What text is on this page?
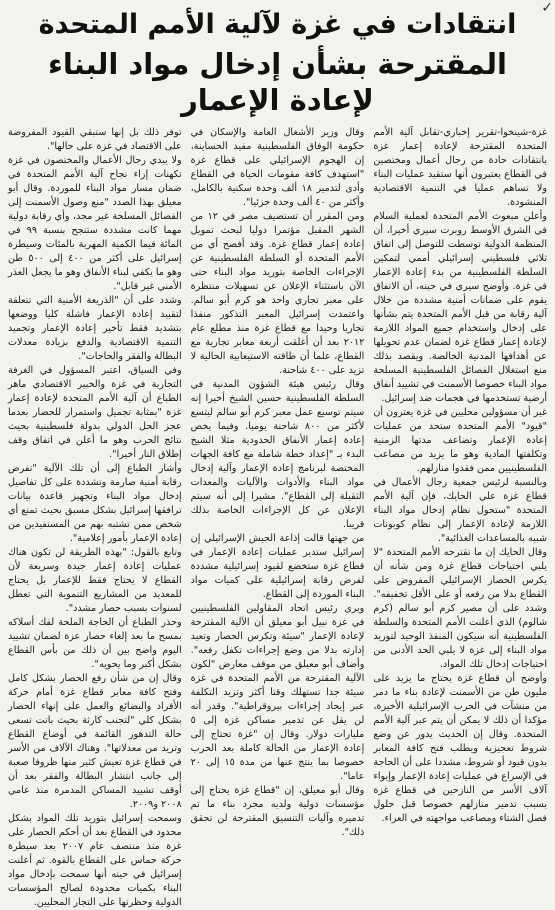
✓
انتقادات في غزة لآلية الأمم المتحدة
المقترحة بشأن إدخال مواد البناء لإعادة الإعمار

غزة-شينخوا-تقرير إخباري-تقابل آلية الأمم المتحدة المقترحة لإعادة إعمار غزة بانتقادات حادة من رجال أعمال ومختصين في القطاع يعتبرون أنها ستقيد عمليات البناء ولا تساهم عمليا في التنمية الاقتصادية المنشودة.

وأعلن مبعوث الأمم المتحدة لعملية السلام في الشرق الأوسط روبرت سيري أخيرا، أن المنظمة الدولية توسطت للتوصل إلى اتفاق ثلاثي فلسطيني إسرائيلي أممي لتمكين السلطة الفلسطينية من بدء إعادة الإعمار في غزة. وأوضح سيري في حينه، أن الاتفاق يقوم على ضمانات أمنية مشددة من خلال آلية رقابة من قبل الأمم المتحدة يتم بشأنها على إدخال واستخدام جميع المواد اللازمة لإعادة إعمار قطاع غزة لضمان عدم تحويلها عن أهدافها المدنية الخالصة. ويقصد بذلك منع استغلال الفصائل الفلسطينية المسلحة مواد البناء خصوصا الأسمنت في تشييد أنفاق أرضية تستخدمها في هجمات ضد إسرائيل.

غير أن مسؤولين محليين في غزة يعترون أن "قيود" الأمم المتحدة ستحد من عمليات إعادة الإعمار وتضاعف مدتها الزمنية وتكلفتها المادية وهو ما يزيد من مصاعب الفلسطينيين ممن فقدوا منازلهم.

وبالنسبة لرئيس جمعية رجال الأعمال في قطاع غزة علي الحايك، فإن آلية الأمم المتحدة "ستحول نظام إدخال مواد البناء اللازمة لإعادة الإعمار إلى نظام كوبونات شبيه بالمساعدات الغذائية".

وقال الحايك إن ما تقترحه الأمم المتحدة "لا يلبي احتياجات قطاع غزة ومن شأنه أن يكرس الحصار الإسرائيلي المفروض على القطاع بدلا من رفعه أو على الأقل تخفيفه". وشدد على أن مصير كرم أبو سالم (كرم شالوم) الذي أعلنت الأمم المتحدة والسلطة الفلسطينية أنه سيكون المنفذ الوحيد لتوريد مواد البناء إلى غزة لا يلبي الحد الأدنى من احتياجات إدخال تلك المواد.

وأوضح أن قطاع غزة يحتاج ما يزيد على مليون طن من الأسمنت لإعادة بناء ما دمر من منشآت في الحرب الإسرائيلية الأخيرة، مؤكدا أن ذلك لا يمكن أن يتم عبر آلية الأمم المتحدة. وقال إن الحديث يدور عن وضع شروط تعجيزية ويطلب فتح كافة المعابر بدون قيود أو شروط، مشددا على أن الحاجة في الإسراع في عمليات إعادة الإعمار وإيواء آلاف الأسر من النازحين في قطاع غزة بسبب تدمير منازلهم خصوصا قبل حلول فصل الشتاء ومصاعب مواجهته في العراء.

وقال وزير الأشغال العامة والإسكان في حكومة الوفاق الفلسطينية مفيد الحساينة، إن الهجوم الإسرائيلي على قطاع غزة "استهدف كافة مقومات الحياة في القطاع وأدى لتدمير ١٨ ألف وحدة سكنية بالكامل، وأكثر من ٤٠ ألف وحدة جزئيا".

ومن المقرر أن تستضيف مصر في ١٢ من الشهر المقبل مؤتمرا دوليا لبحث تمويل إعادة إعمار قطاع غزة. وقد أفصح أي من الأمم المتحدة أو السلطة الفلسطينية عن الإجراءات الخاصة بتوريد مواد البناء حتى الآن باستثناء الإعلان عن تسهيلات منتظرة على معبر تجاري واحد هو كرم أبو سالم. واعتمدت إسرائيل المعبر التذكور منفذا تجاريا وحيدا مع قطاع غزة منذ مطلع عام ٢٠١٢ بعد أن أغلقت أربعة معابر تجارية مع القطاع، علما أن طاقته الاستيعابية الحالية لا تزيد على ٤٠٠ شاحنة.

وقال رئيس هيئة الشؤون المدنية في السلطة الفلسطينية حسين الشيخ أخيرا إنه سيتم توسيع عمل معبر كرم أبو سالم ليتسع لأكثر من ٨٠٠ شاحنة يوميا. وفيما يخص إعادة إعمار الأنفاق الحدودية مثلا الشيخ البدء بـ "إعداد خطة شاملة مع كافة الجهات المختصة لبرنامج إعادة الإعمار وآلية إدخال مواد البناء والأدوات والآليات والمعدات الثقيلة إلى القطاع". مشيرا إلى أنه سيتم الإعلان عن كل الإجراءات الخاصة بذلك قريبا.

من جهتها قالت إذاعة الجيش الإسرائيلي إن إسرائيل ستدير عمليات إعادة الإعمار في قطاع غزة ستخضع لقيود إسرائيلية مشددة لفرض رقابة إسرائيلية على كميات مواد البناء الموردة إلى القطاع.

ويرى رئيس اتحاد المقاولين الفلسطينيين في غزة نبيل أبو معيلق أن الآلية المقترحة لإعادة الإعمار "سيئة وتكرس الحصار وتعيد إدارته بدلا من وضع إجراءات تكفل رفعه". وأضاف أبو معيلق من موقف معارض "لكون الآلية المقترحة من الأمم المتحدة في غزة سيئة جدا تستهلك وقتا أكثر وتزيد التكلفة عبر إيجاد إجراءات بيروقراطية". وقدر أنه لن يقل عن تدمير مساكن غزة إلى ٥ مليارات دولار. وقال إن "غزة تحتاج إلى إعادة الإعمار من الحالة كاملة بعد الحرب خصوصا بما ينتج عنها من مدة ١٥ إلى ٢٠ عاما".

وقال أبو معيلق، إن "قطاع غزة يحتاج إلى مؤسسات دولية ولديه مجرد بناء ما تم تدميره وآليات التنسيق المقترحة لن تحقق ذلك".

توفر ذلك بل إنها ستبقي القيود المفروضة على الاقتصاد في غزة على حالها".

ولا يبدي رجال الأعمال والمختصون في غزة تكهنات إزاء نجاح آلية الأمم المتحدة في ضمان مسار مواد البناء للموردة. وقال أبو معيلق بهذا الصدد "منع وصول الأسمنت إلى الفصائل المسلحة غير مجد، وأي رقابة دولية مهما كانت مشددة ستنجح بنسبة ٩٩ في المائة فيما الكمية المهربة بالمئات وسيطرة إسرائيل على أكثر من ٤٠٠ إلى ٥٠٠ طن وهو ما يكفي لبناء الأنفاق وهو ما يجعل العذر الأمني غير قابل".

وشدد على أن "الذريعة الأمنية التي تتعلقة لتقييد إعادة الإعمار فاشلة كليا ووضعها بتشديد فقط تأخير إعادة الإعمار وتجميد التنمية الاقتصادية والدفع بزيادة معدلات البطالة والفقر والحاجات".

وفي السياق، اعتبر المسؤول في الغرفة التجارية في غزة والخبير الاقتصادي ماهر الطباع أن آلية الأمم المتحدة لإعادة إعمار غزة "بمثابة تجميل واستمرار للحصار بعدما عجز الحل الدولي بدولة فلسطينية بحيث نتائج الحرب وهو ما أعلن في اتفاق وقف إطلاق النار أخيرا".

وأشار الطباع إلى أن تلك الآلية "تفرض رقابة أمنية صارمة وتشددة على كل تفاصيل إدخال مواد البناء وتجهيز قاعدة بيانات ترافقها إسرائيل بشكل مسبق بحيث تمنع أي شخص ممن تشتبه بهم من المستفيدين من إعادة الإعمار بأمور إعلامية".

وتابع بالقول: "بهذه الطريقة لن تكون هناك عمليات إعادة إعمار جيدة وسريعة لأن القطاع لا يحتاج فقط للإعمار بل يحتاج للمعديد من المشاريع التنموية التي تعطل لسنوات بسبب حصار مشدد".

وحذر الطباع أن الحاجة الملحة لفك أسلاكه بمسح ما بعد إلغاء حصار عزة لضمان تشييد اليوم واضح بين أن ذلك من بأس القطاع بشكل أكبر وما يحويه".

وقال إن من شأن رفع الحصار بشكل كامل وفتح كافة معابر قطاع غزة أمام حركة الأفراد والبضائع والعمل على إنهاء الحصار بشكل كلي "لتجنب كارثة بحيث باتت تسعى حالة التدهور القائمة في أوضاع القطاع وتريد من معدلاتها". وهناك الآلاف من الأسر في قطاع غزة تعيش كثير منها ظروفا صعبة إلى جانب انتشار البطالة والفقر بعد أن أوقف تشييد المساكن المدمرة منذ عامي ٢٠٠٨ و٢٠٠٩.

وسمحت إسرائيل بتوريد تلك المواد بشكل محدود في القطاع بعد أن أحكم الحصار على غزة منذ منتصف عام ٢٠٠٧ بعد سيطرة حركة حماس على القطاع بالقوة. ثم أعلنت إسرائيل في حينه أنها سمحت بإدخال مواد البناء بكميات محدودة لصالح المؤسسات الدولية وحظرتها على التجار المحليين.
